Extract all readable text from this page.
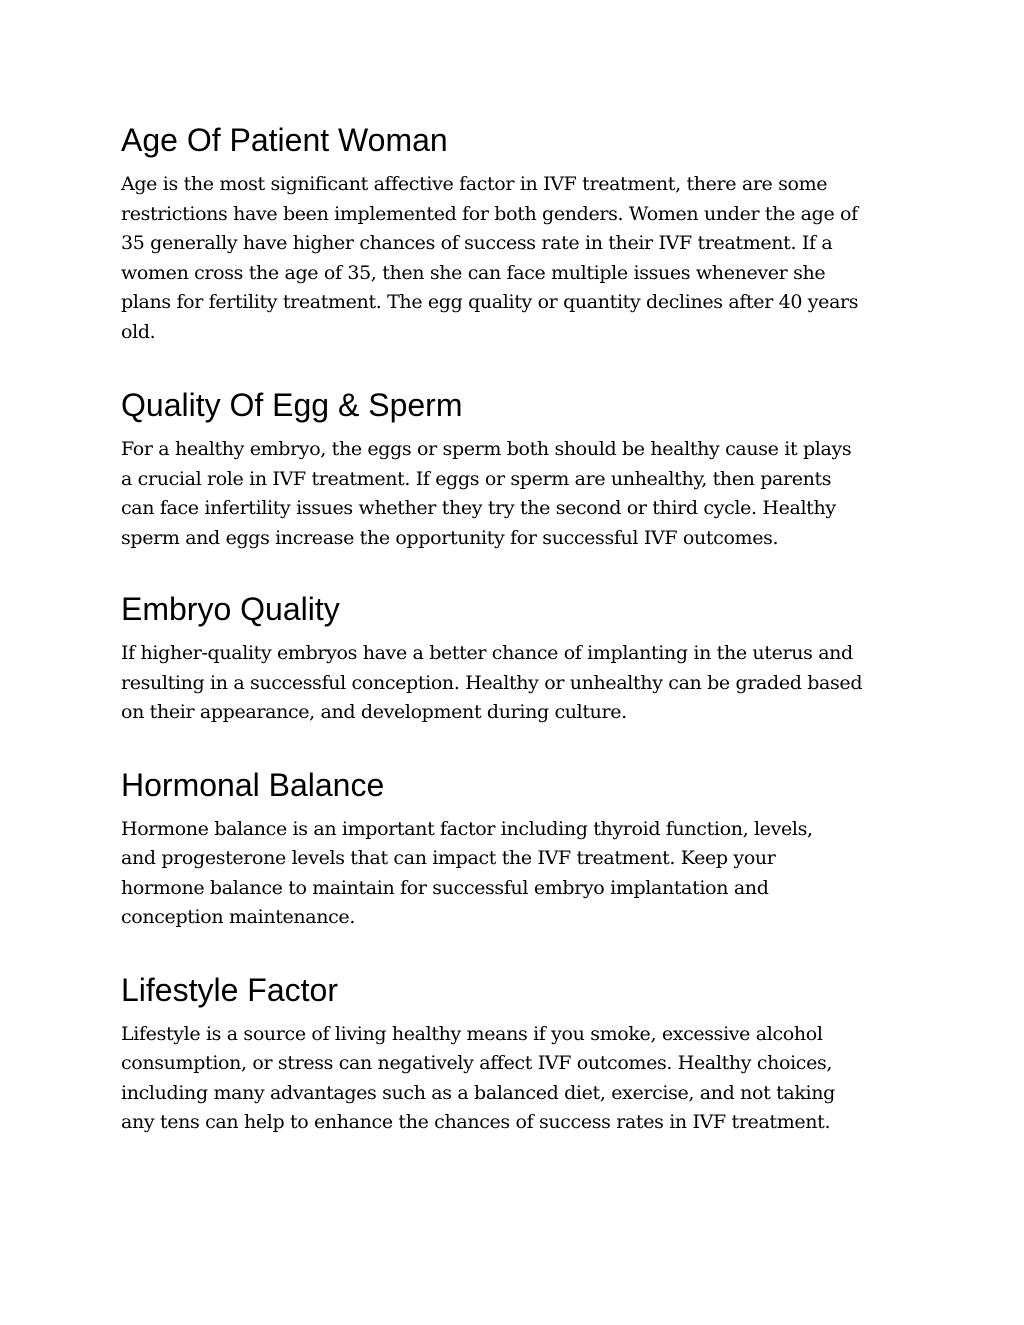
Age Of Patient Woman

Age is the most significant affective factor in IVF treatment, there are some
restrictions have been implemented for both genders. Women under the age of
35 generally have higher chances of success rate in their IVF treatment. If a
women cross the age of 35, then she can face multiple issues whenever she
plans for fertility treatment. The egg quality or quantity declines after 40 years
old.

Quality Of Egg & Sperm

For a healthy embryo, the eggs or sperm both should be healthy cause it plays
a crucial role in IVF treatment. If eggs or sperm are unhealthy, then parents
can face infertility issues whether they try the second or third cycle. Healthy
sperm and eggs increase the opportunity for successful IVF outcomes.

Embryo Quality

If higher-quality embryos have a better chance of implanting in the uterus and
resulting in a successful conception. Healthy or unhealthy can be graded based
on their appearance, and development during culture.

Hormonal Balance

Hormone balance is an important factor including thyroid function, levels,
and progesterone levels that can impact the IVF treatment. Keep your
hormone balance to maintain for successful embryo implantation and
conception maintenance.

Lifestyle Factor

Lifestyle is a source of living healthy means if you smoke, excessive alcohol
consumption, or stress can negatively affect IVF outcomes. Healthy choices,
including many advantages such as a balanced diet, exercise, and not taking
any tens can help to enhance the chances of success rates in IVF treatment.
